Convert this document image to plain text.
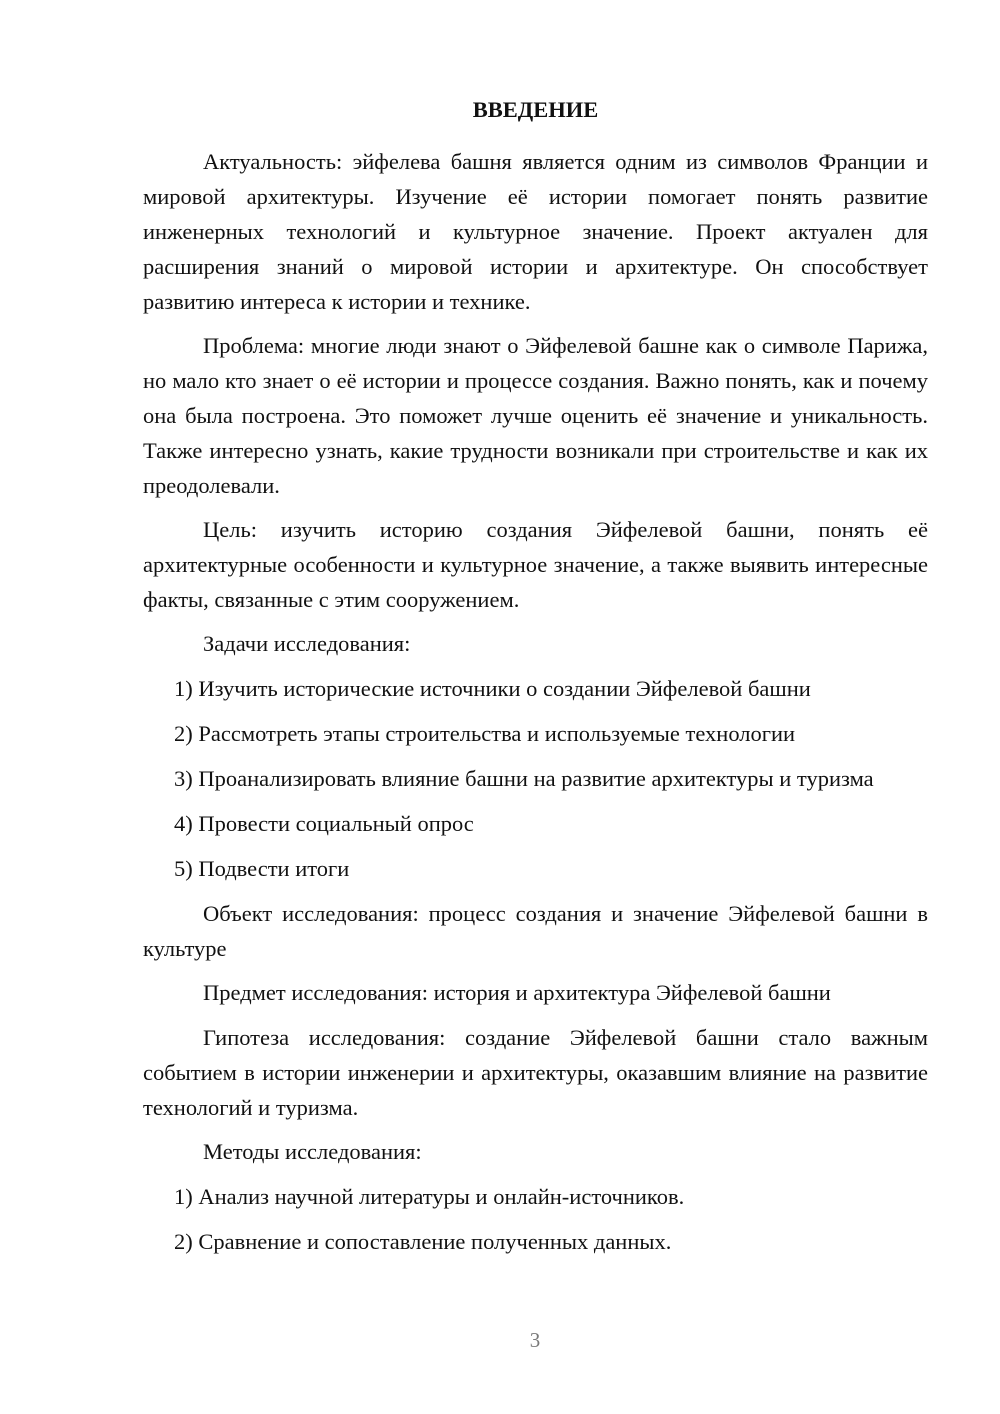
ВВЕДЕНИЕ
Актуальность: эйфелева башня является одним из символов Франции и мировой архитектуры. Изучение её истории помогает понять развитие инженерных технологий и культурное значение. Проект актуален для расширения знаний о мировой истории и архитектуре. Он способствует развитию интереса к истории и технике.
Проблема: многие люди знают о Эйфелевой башне как о символе Парижа, но мало кто знает о её истории и процессе создания. Важно понять, как и почему она была построена. Это поможет лучше оценить её значение и уникальность. Также интересно узнать, какие трудности возникали при строительстве и как их преодолевали.
Цель: изучить историю создания Эйфелевой башни, понять её архитектурные особенности и культурное значение, а также выявить интересные факты, связанные с этим сооружением.
Задачи исследования:
1) Изучить исторические источники о создании Эйфелевой башни
2) Рассмотреть этапы строительства и используемые технологии
3) Проанализировать влияние башни на развитие архитектуры и туризма
4) Провести социальный опрос
5) Подвести итоги
Объект исследования: процесс создания и значение Эйфелевой башни в культуре
Предмет исследования: история и архитектура Эйфелевой башни
Гипотеза исследования: создание Эйфелевой башни стало важным событием в истории инженерии и архитектуры, оказавшим влияние на развитие технологий и туризма.
Методы исследования:
1) Анализ научной литературы и онлайн-источников.
2) Сравнение и сопоставление полученных данных.
3
